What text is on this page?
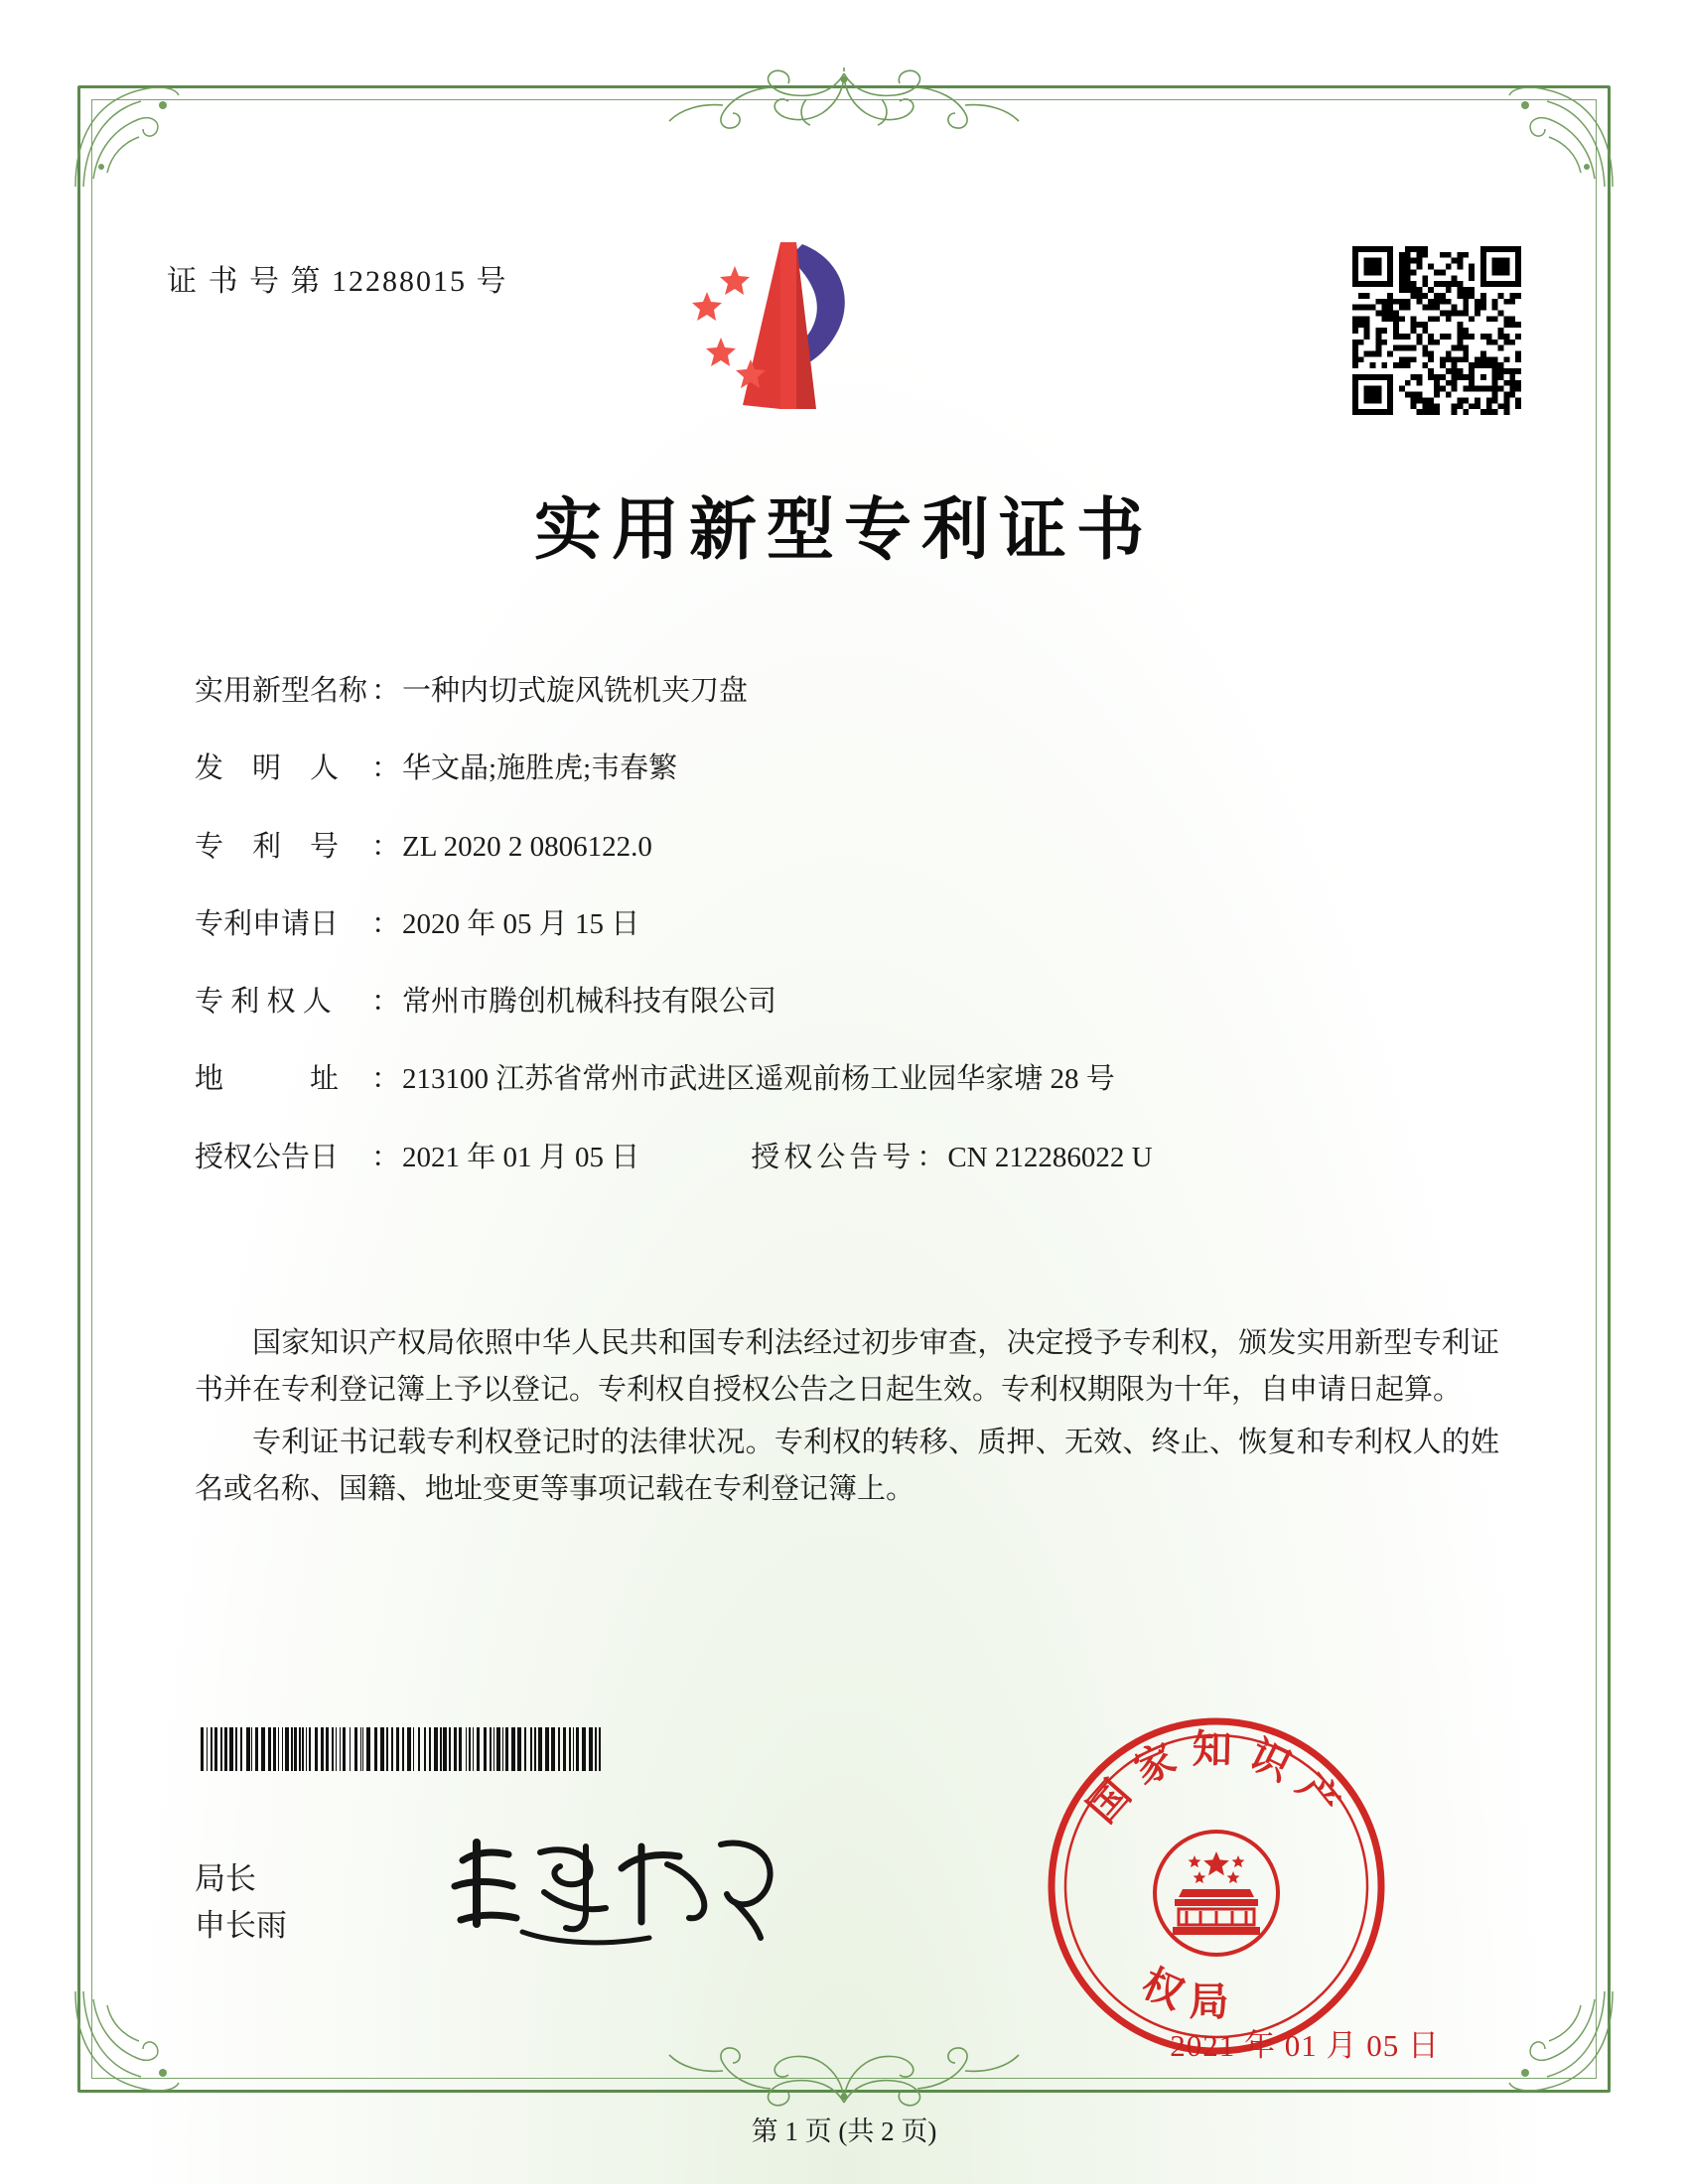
证 书 号 第 12288015 号
实用新型专利证书
实用新型名称 ： 一种内切式旋风铣机夹刀盘
发　明　人	： 华文晶;施胜虎;韦春繁
专　利　号	： ZL 2020 2 0806122.0
专利申请日	： 2020 年 05 月 15 日
专 利 权 人	： 常州市腾创机械科技有限公司
地　　　址	： 213100 江苏省常州市武进区遥观前杨工业园华家塘 28 号
授权公告日	： 2021 年 01 月 05 日	授权公告号 ： CN 212286022 U

国家知识产权局依照中华人民共和国专利法经过初步审查，决定授予专利权，颁发实用新型专利证书并在专利登记簿上予以登记。专利权自授权公告之日起生效。专利权期限为十年，自申请日起算。

专利证书记载专利权登记时的法律状况。专利权的转移、质押、无效、终止、恢复和专利权人的姓名或名称、国籍、地址变更等事项记载在专利登记簿上。

局长
申长雨
国家知识产
权局
2021 年 01 月 05 日
第 1 页 (共 2 页)
